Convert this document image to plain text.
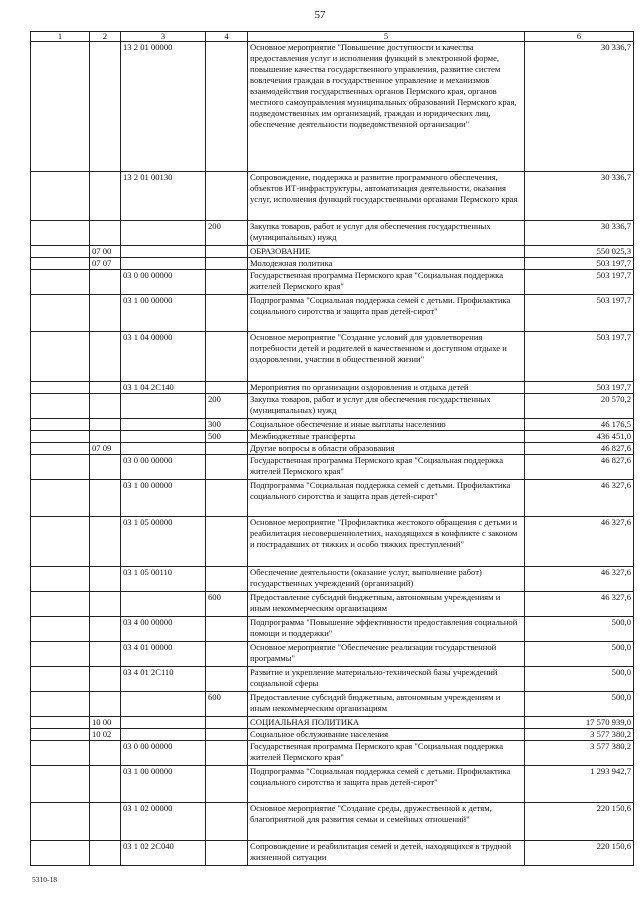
57
1	2	3	4	5	6
		13 2 01 00000		Основное мероприятие "Повышение доступности и качества предоставления услуг и исполнения функций в электронной форме, повышение качества государственного управления, развитие систем вовлечения граждан в государственное управление и механизмов взаимодействия государственных органов Пермского края, органов местного самоуправления муниципальных образований Пермского края, подведомственных им организаций, граждан и юридических лиц, обеспечение деятельности подведомственной организации"	30 336,7
		13 2 01 00130		Сопровождение, поддержка и развитие программного обеспечения, объектов ИТ-инфраструктуры, автоматизация деятельности, оказания услуг, исполнения функций государственными органами Пермского края	30 336,7
			200	Закупка товаров, работ и услуг для обеспечения государственных (муниципальных) нужд	30 336,7
	07 00			ОБРАЗОВАНИЕ	550 025,3
	07 07			Молодежная политика	503 197,7
		03 0 00 00000		Государственная программа Пермского края "Социальная поддержка жителей Пермского края"	503 197,7
		03 1 00 00000		Подпрограмма "Социальная поддержка семей с детьми. Профилактика социального сиротства и защита прав детей-сирот"	503 197,7
		03 1 04 00000		Основное мероприятие "Создание условий для удовлетворения потребности детей и родителей в качественном и доступном отдыхе и оздоровлении, участии в общественной жизни"	503 197,7
		03 1 04 2С140		Мероприятия по организации оздоровления и отдыха детей	503 197,7
			200	Закупка товаров, работ и услуг для обеспечения государственных (муниципальных) нужд	20 570,2
			300	Социальное обеспечение и иные выплаты населению	46 176,5
			500	Межбюджетные трансферты	436 451,0
	07 09			Другие вопросы в области образования	46 827,6
		03 0 00 00000		Государственная программа Пермского края "Социальная поддержка жителей Пермского края"	46 827,6
		03 1 00 00000		Подпрограмма "Социальная поддержка семей с детьми. Профилактика социального сиротства и защита прав детей-сирот"	46 327,6
		03 1 05 00000		Основное мероприятие "Профилактика жестокого обращения с детьми и реабилитация несовершеннолетних, находящихся в конфликте с законом и пострадавших от тяжких и особо тяжких преступлений"	46 327,6
		03 1 05 00110		Обеспечение деятельности (оказание услуг, выполнение работ) государственных учреждений (организаций)	46 327,6
			600	Предоставление субсидий бюджетным, автономным учреждениям и иным некоммерческим организациям	46 327,6
		03 4 00 00000		Подпрограмма "Повышение эффективности предоставления социальной помощи и поддержки"	500,0
		03 4 01 00000		Основное мероприятие "Обеспечение реализации государственной программы"	500,0
		03 4 01 2С110		Развитие и укрепление материально-технической базы учреждений социальной сферы	500,0
			600	Предоставление субсидий бюджетным, автономным учреждениям и иным некоммерческим организациям	500,0
	10 00			СОЦИАЛЬНАЯ ПОЛИТИКА	17 570 939,0
	10 02			Социальное обслуживание населения	3 577 380,2
		03 0 00 00000		Государственная программа Пермского края "Социальная поддержка жителей Пермского края"	3 577 380,2
		03 1 00 00000		Подпрограмма "Социальная поддержка семей с детьми. Профилактика социального сиротства и защита прав детей-сирот"	1 293 942,7
		03 1 02 00000		Основное мероприятие "Создание среды, дружественной к детям, благоприятной для развития семьи и семейных отношений"	220 150,6
		03 1 02 2С040		Сопровождение и реабилитация семей и детей, находящихся в трудной жизненной ситуации	220 150,6
5310-18
